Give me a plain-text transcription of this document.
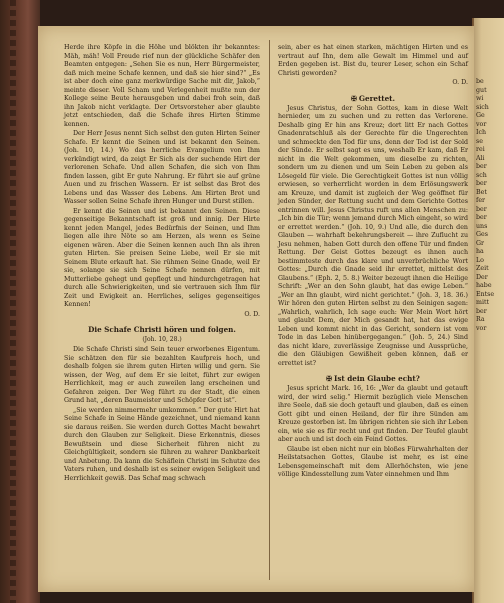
Herde ihre Köpfe in die Höhe und blökten ihr bekanntes: Mäh, mäh! Voll Freude rief nun der glückliche Schäfer den Beamten entgegen: „Sehen Sie es nun, Herr Bürgermeister, daß mich meine Schafe kennen, und daß sie hier sind?“ „Es ist aber doch eine ganz merkwürdige Sache mit dir, Jakob,“ meinte dieser. Voll Scham und Verlegenheit mußte nun der Kollege seine Beute herausgeben und dabei froh sein, daß ihn Jakob nicht verklagte. Der Ortsvorsteher aber glaubte jetzt entschieden, daß die Schafe ihres Hirten Stimme kennen.

Der Herr Jesus nennt Sich selbst den guten Hirten Seiner Schafe. Er kennt die Seinen und ist bekannt den Seinen. (Joh. 10, 14.) Wo das herrliche Evangelium von Ihm verkündigt wird, da zeigt Er Sich als der suchende Hirt der verlorenen Schafe. Und allen Schafen, die sich von Ihm finden lassen, gibt Er gute Nahrung. Er führt sie auf grüne Auen und zu frischen Wassern. Er ist selbst das Brot des Lebens und das Wasser des Lebens. Am Hirten Brot und Wasser sollen Seine Schafe ihren Hunger und Durst stillen.

Er kennt die Seinen und ist bekannt den Seinen. Diese gegenseitige Bekanntschaft ist groß und innig. Der Hirte kennt jeden Mangel, jedes Bedürfnis der Seinen, und Ihm liegen alle ihre Nöte so am Herzen, als wenn es Seine eigenen wären. Aber die Seinen kennen auch Ihn als ihren guten Hirten. Sie preisen Seine Liebe, weil Er sie mit Seinem Blute erkauft hat. Sie rühmen Seine Gnade, weil Er sie, solange sie sich Seine Schafe nennen dürfen, mit Mutterliebe gehegt und gepflegt und hindurchgetragen hat durch alle Schwierigkeiten, und sie vertrauen sich Ihm für Zeit und Ewigkeit an. Herrliches, seliges gegenseitiges Kennen!

O. D.
Die Schafe Christi hören und folgen.
(Joh. 10, 28.)

Die Schafe Christi sind Sein teuer erworbenes Eigentum. Sie schätzen den für sie bezahlten Kaufpreis hoch, und deshalb folgen sie ihrem guten Hirten willig und gern. Sie wissen, der Weg, auf dem Er sie leitet, führt zur ewigen Herrlichkeit, mag er auch zuweilen lang erscheinen und Gefahren zeigen. Der Weg führt zu der Stadt, die einen Grund hat, „deren Baumeister und Schöpfer Gott ist“.

„Sie werden nimmermehr umkommen.“ Der gute Hirt hat Seine Schafe in Seine Hände gezeichnet, und niemand kann sie daraus reißen. Sie werden durch Gottes Macht bewahrt durch den Glauben zur Seligkeit. Diese Erkenntnis, dieses Bewußtsein und diese Sicherheit führen nicht zu Gleichgültigkeit, sondern sie führen zu wahrer Dankbarkeit und Anbetung. Da kann die Schäflein Christi im Schutze des Vaters ruhen, und deshalb ist es seiner ewigen Seligkeit und Herrlichkeit gewiß. Das Schaf mag schwach

sein, aber es hat einen starken, mächtigen Hirten und es vertraut auf Ihn, dem alle Gewalt im Himmel und auf Erden gegeben ist. Bist du, teurer Leser, schon ein Schaf Christi geworden?

O. D.
✠ Gerettet.

Jesus Christus, der Sohn Gottes, kam in diese Welt hernieder, um zu suchen und zu retten das Verlorene. Deshalb ging Er hin ans Kreuz; dort litt Er nach Gottes Gnadenratschluß als der Gerechte für die Ungerechten und schmeckte den Tod für uns, denn der Tod ist der Sold der Sünde. Er selbst sagt es uns, weshalb Er kam, daß Er nicht in die Welt gekommen, um dieselbe zu richten, sondern um zu dienen und um Sein Leben zu geben als Lösegeld für viele. Die Gerechtigkeit Gottes ist nun völlig erwiesen, so verherrlicht worden in dem Erlösungswerk am Kreuze, und damit ist zugleich der Weg geöffnet für jeden Sünder, der Rettung sucht und dem Gerichte Gottes entrinnen will. Jesus Christus ruft uns allen Menschen zu: „Ich bin die Tür; wenn jemand durch Mich eingeht, so wird er errettet werden.“ (Joh. 10, 9.) Und alle, die durch den Glauben — wahrhaft bekehrungsbereit — ihre Zuflucht zu Jesu nehmen, haben Gott durch den offene Tür und finden Rettung. Der Geist Gottes bezeugt es ihnen auch bestimmteste durch das klare und unverbrüchliche Wort Gottes: „Durch die Gnade seid ihr errettet, mittelst des Glaubens.“ (Eph. 2, 5. 8.) Weiter bezeugt ihnen die Heilige Schrift: „Wer an den Sohn glaubt, hat das ewige Leben.“ „Wer an Ihn glaubt, wird nicht gerichtet.“ (Joh. 3, 18. 36.) Wir hören den guten Hirten selbst zu den Seinigen sagen: „Wahrlich, wahrlich, Ich sage euch: Wer Mein Wort hört und glaubt Dem, der Mich gesandt hat, hat das ewige Leben und kommt nicht in das Gericht, sondern ist vom Tode in das Leben hinübergegangen.“ (Joh. 5, 24.) Sind das nicht klare, zuverlässige Zeugnisse und Aussprüche, die den Gläubigen Gewißheit geben können, daß er errettet ist?

✠ Ist dein Glaube echt?

Jesus spricht Mark. 16, 16: „Wer da glaubt und getauft wird, der wird selig.“ Hiermit bezüglich viele Menschen ihre Seele, daß sie doch getauft und glauben, daß es einen Gott gibt und einen Heiland, der für ihre Sünden am Kreuze gestorben ist. Im übrigen richten sie sich ihr Leben ein, wie sie es für recht und gut finden. Der Teufel glaubt aber auch und ist doch ein Feind Gottes.

Glaube ist eben nicht nur ein bloßes Fürwahrhalten der Heilstatsachen Gottes, Glaube ist mehr, es ist eine Lebensgemeinschaft mit dem Allerhöchsten, wie jene völlige Kindesstellung zum Vater einnehmen und Ihm

be
gut
wi
sich
Ge
vor
Ich
se
rei
Ali
ber
sch
ber
Bet
fer
ber
ber
uns
Ges
Gr
ha
Lo
Zeit
Der
habe
Entse
mitt
ber
Ra
vor
